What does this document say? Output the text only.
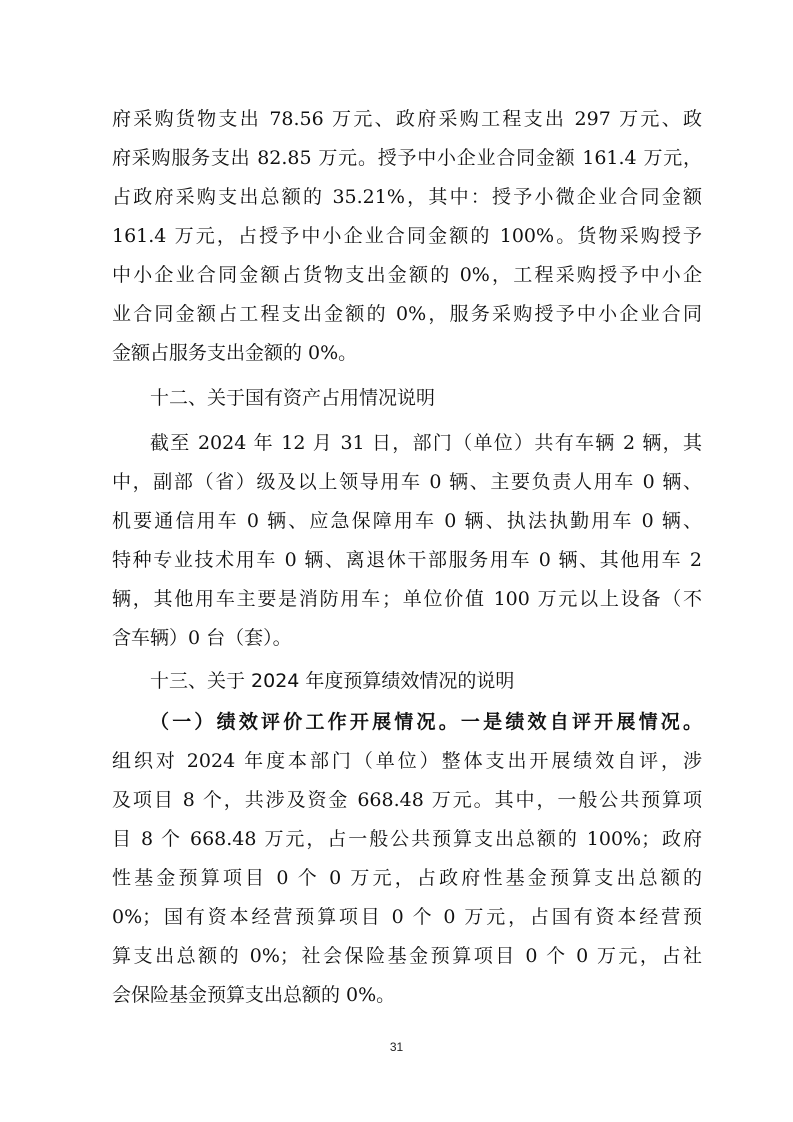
府采购货物支出 78.56 万元、政府采购工程支出 297 万元、政
府采购服务支出 82.85 万元。授予中小企业合同金额 161.4 万元，
占政府采购支出总额的 35.21%，其中：授予小微企业合同金额
161.4 万元，占授予中小企业合同金额的 100%。货物采购授予
中小企业合同金额占货物支出金额的 0%，工程采购授予中小企
业合同金额占工程支出金额的 0%，服务采购授予中小企业合同
金额占服务支出金额的 0%。
十二、关于国有资产占用情况说明
截至 2024 年 12 月 31 日，部门（单位）共有车辆 2 辆，其
中，副部（省）级及以上领导用车 0 辆、主要负责人用车 0 辆、
机要通信用车 0 辆、应急保障用车 0 辆、执法执勤用车 0 辆、
特种专业技术用车 0 辆、离退休干部服务用车 0 辆、其他用车 2
辆，其他用车主要是消防用车；单位价值 100 万元以上设备（不
含车辆）0 台（套）。
十三、关于 2024 年度预算绩效情况的说明
（一）绩效评价工作开展情况。一是绩效自评开展情况。
组织对 2024 年度本部门（单位）整体支出开展绩效自评，涉
及项目 8 个，共涉及资金 668.48 万元。其中，一般公共预算项
目 8 个 668.48 万元，占一般公共预算支出总额的 100%；政府
性基金预算项目 0 个 0 万元，占政府性基金预算支出总额的
0%；国有资本经营预算项目 0 个 0 万元，占国有资本经营预
算支出总额的 0%；社会保险基金预算项目 0 个 0 万元，占社
会保险基金预算支出总额的 0%。
31
